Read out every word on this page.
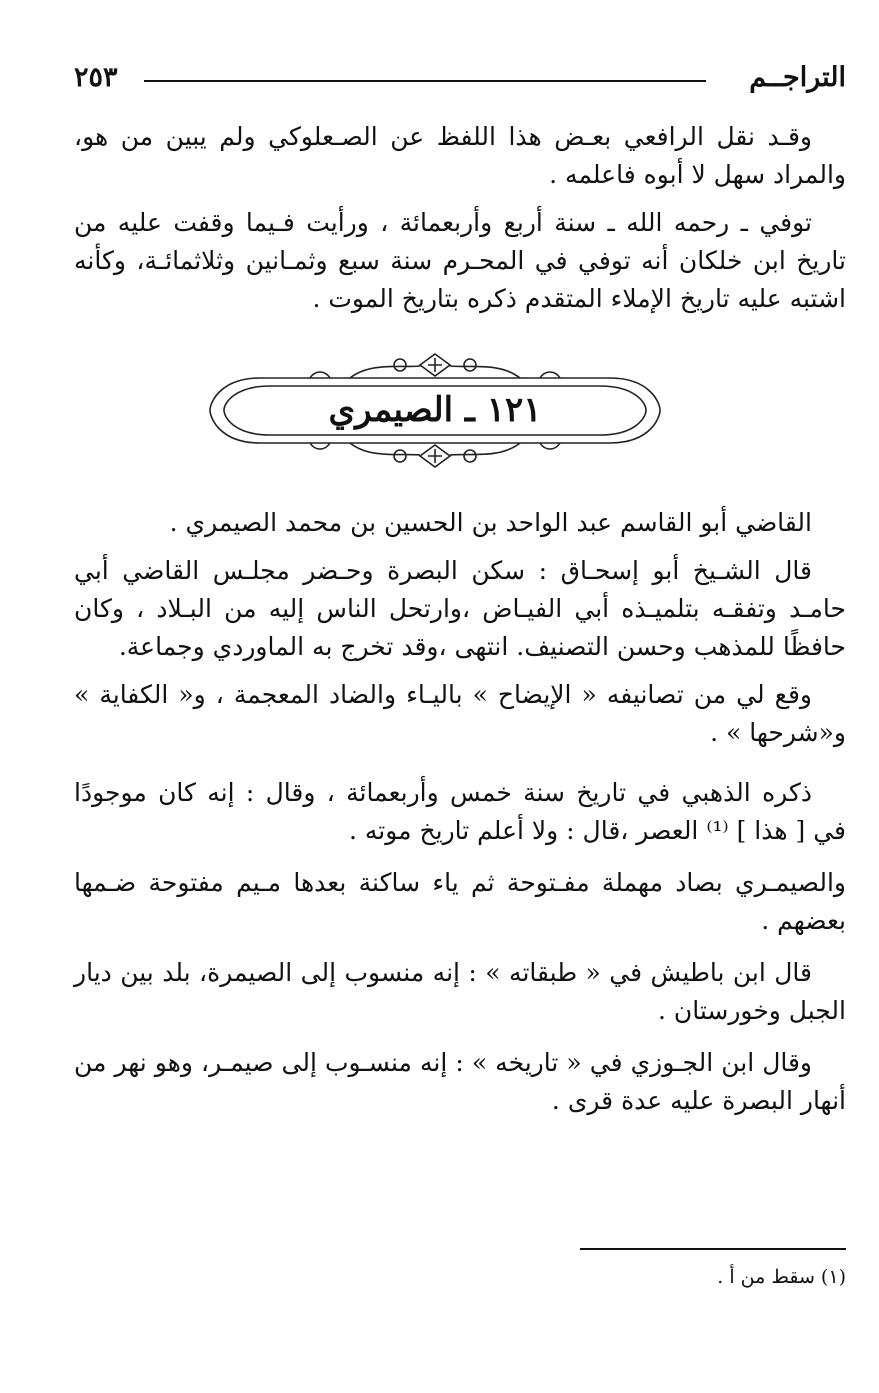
التراجــم
٢٥٣

وقـد نقل الرافعي بعـض هذا اللفظ عن الصـعلوكي ولم يبين من هو، والمراد سهل لا أبوه فاعلمه .

توفي ـ رحمه الله ـ سنة أربع وأربعمائة ، ورأيت فـيما وقفت عليه من تاريخ ابن خلكان أنه توفي في المحـرم سنة سبع وثمـانين وثلاثمائـة، وكأنه اشتبه عليه تاريخ الإملاء المتقدم ذكره بتاريخ الموت .

١٢١ ـ الصيمري

القاضي أبو القاسم عبد الواحد بن الحسين بن محمد الصيمري .

قال الشـيخ أبو إسحـاق : سكن البصرة وحـضر مجلـس القاضي أبي حامـد وتفقـه بتلميـذه أبي الفيـاض ،وارتحل الناس إليه من البـلاد ، وكان حافظًا للمذهب وحسن التصنيف. انتهى ،وقد تخرج به الماوردي وجماعة.

وقع لي من تصانيفه « الإيضاح » باليـاء والضاد المعجمة ، و« الكفاية » و«شرحها » .

ذكره الذهبي في تاريخ سنة خمس وأربعمائة ، وقال : إنه كان موجودًا في [ هذا ] ⁽¹⁾ العصر ،قال : ولا أعلم تاريخ موته .

والصيمـري بصاد مهملة مفـتوحة ثم ياء ساكنة بعدها مـيم مفتوحة ضـمها بعضهم .

قال ابن باطيش في « طبقاته » : إنه منسوب إلى الصيمرة، بلد بين ديار الجبل وخورستان .

وقال ابن الجـوزي في « تاريخه » : إنه منسـوب إلى صيمـر، وهو نهر من أنهار البصرة عليه عدة قرى .

(١) سقط من أ .
